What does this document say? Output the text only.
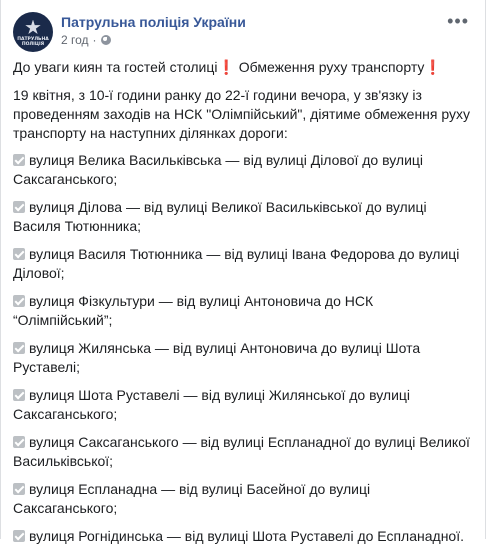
ПАТРУЛЬНА ПОЛІЦІЯ
Патрульна поліція України
2 год ·
•••

До уваги киян та гостей столиці❗ Обмеження руху транспорту❗

19 квітня, з 10-ї години ранку до 22-ї години вечора, у зв'язку із проведенням заходів на НСК "Олімпійський", діятиме обмеження руху транспорту на наступних ділянках дороги:

вулиця Велика Васильківська — від вулиці Ділової до вулиці Саксаганського;

вулиця Ділова — від вулиці Великої Васильківської до вулиці Василя Тютюнника;

вулиця Василя Тютюнника — від вулиці Івана Федорова до вулиці Ділової;

вулиця Фізкультури — від вулиці Антоновича до НСК “Олімпійський”;

вулиця Жилянська — від вулиці Антоновича до вулиці Шота Руставелі;

вулиця Шота Руставелі — від вулиці Жилянської до вулиці Саксаганського;

вулиця Саксаганського — від вулиці Еспланадної до вулиці Великої Васильківської;

вулиця Еспланадна — від вулиці Басейної до вулиці Саксаганського;

вулиця Рогнідинська — від вулиці Шота Руставелі до Еспланадної.
